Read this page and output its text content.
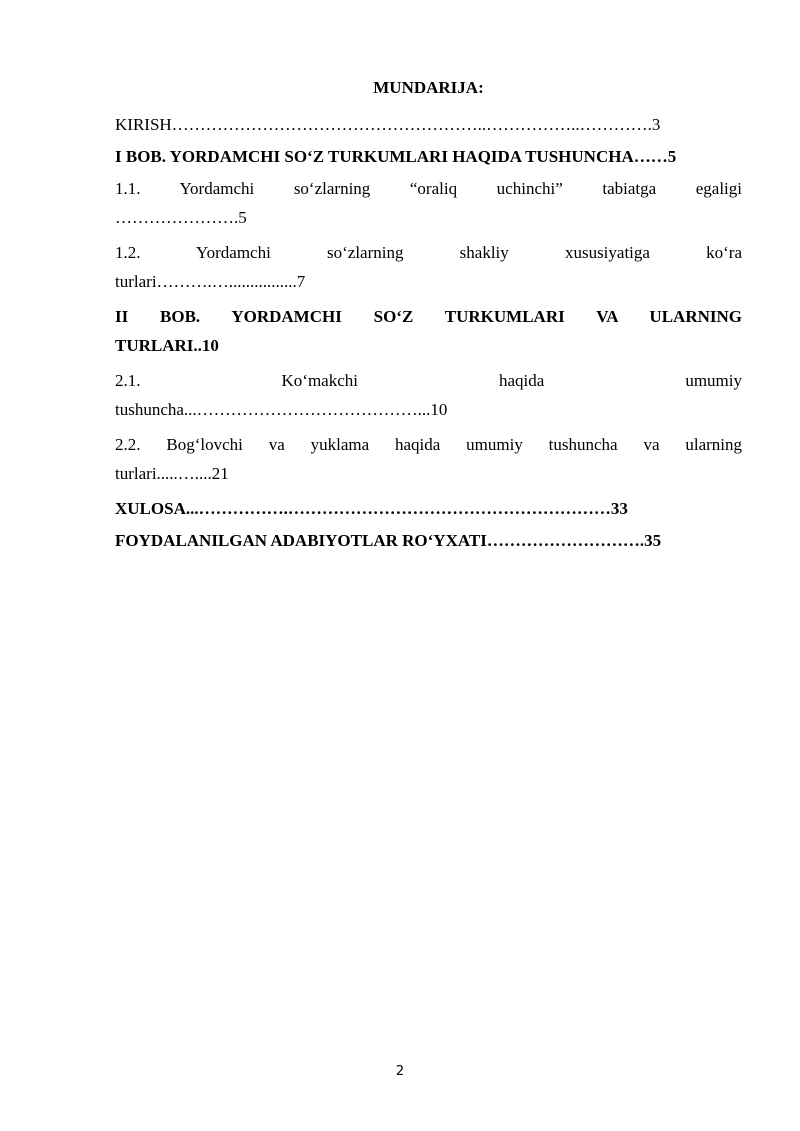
MUNDARIJA:

KIRISH………………………………………………..……………..………….3

I BOB. YORDAMCHI SO‘Z TURKUMLARI HAQIDA TUSHUNCHA……5

1.1. Yordamchi so‘zlarning “oraliq uchinchi” tabiatga egaligi

………………….5

1.2. Yordamchi so‘zlarning shakliy xususiyatiga ko‘ra

turlari……….…................7

II BOB. YORDAMCHI SO‘Z TURKUMLARI VA ULARNING

TURLARI..10

2.1. Ko‘makchi haqida umumiy

tushuncha...…………………………………...10

2.2. Bog‘lovchi va yuklama haqida umumiy tushuncha va ularning

turlari.....…....21

XULOSA...…………….…………………………………………………33

FOYDALANILGAN ADABIYOTLAR RO‘YXATI……………………….35

2
